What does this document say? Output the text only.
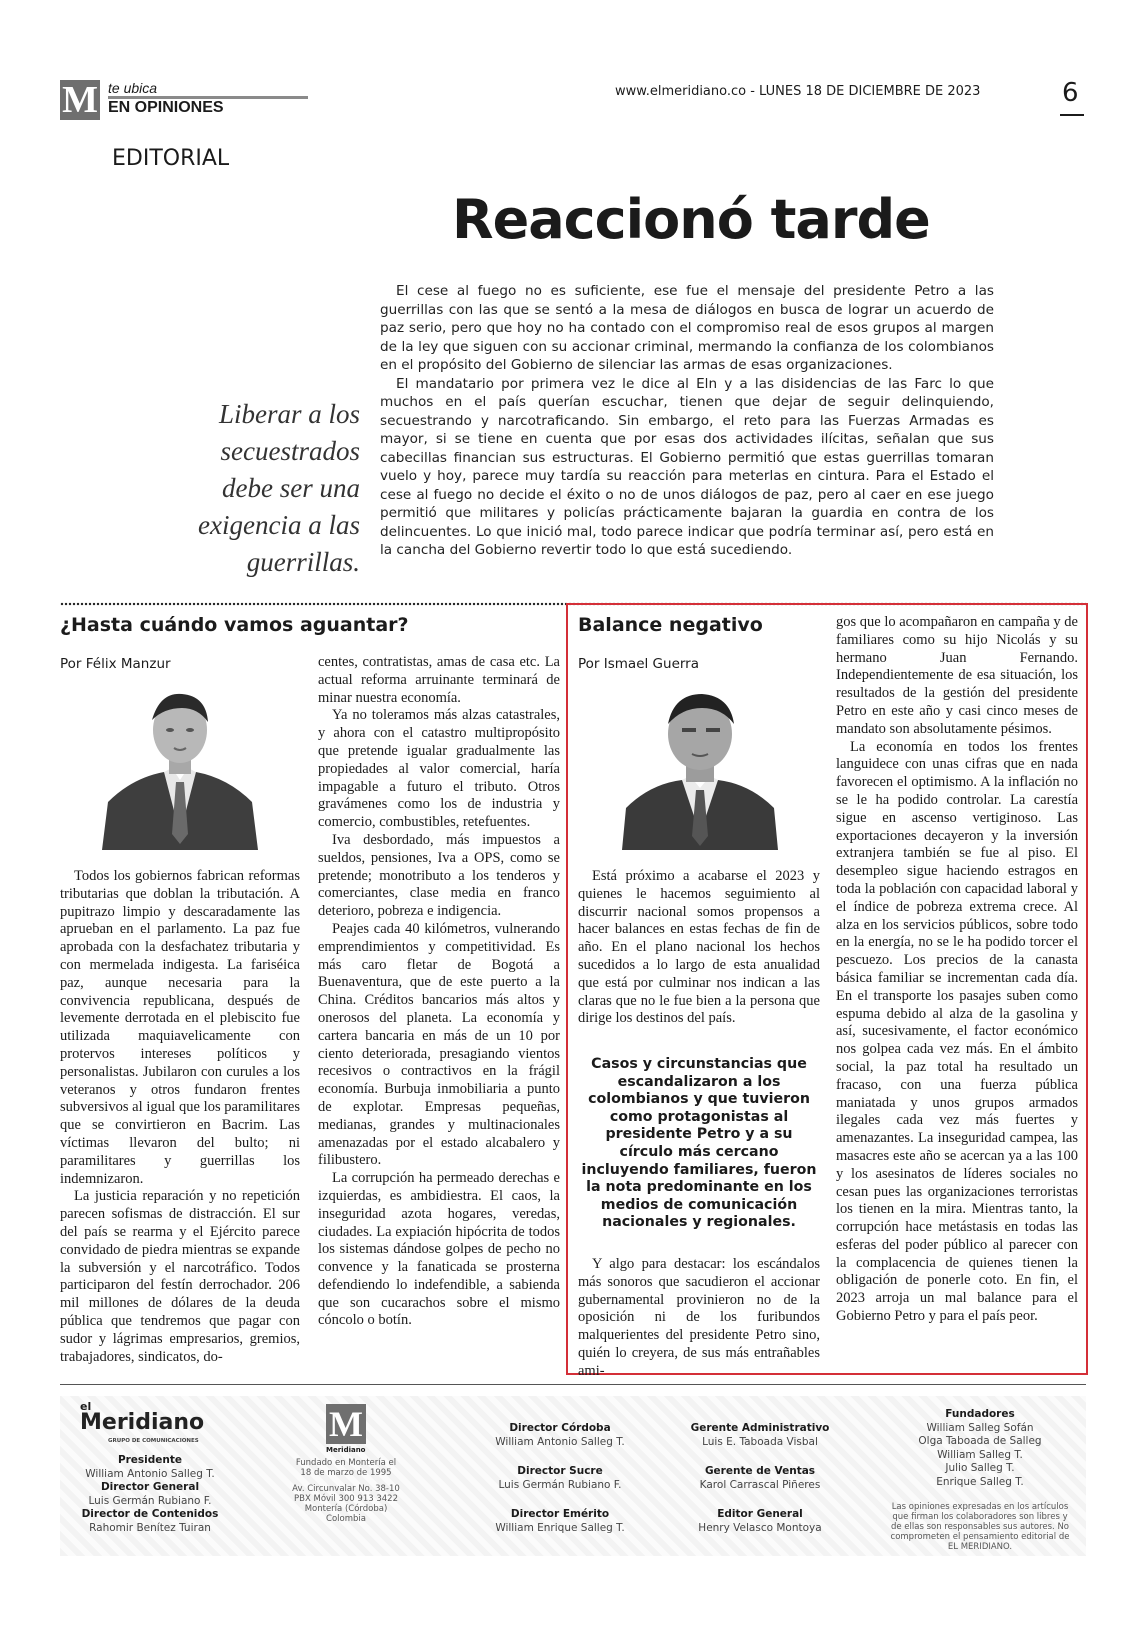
M te ubica
EN OPINIONES
www.elmeridiano.co - LUNES 18 DE DICIEMBRE DE 2023	6
EDITORIAL
Reaccionó tarde

El cese al fuego no es suficiente, ese fue el mensaje del presidente Petro a las guerrillas con las que se sentó a la mesa de diálogos en busca de lograr un acuerdo de paz serio, pero que hoy no ha contado con el compromiso real de esos grupos al margen de la ley que siguen con su accionar criminal, mermando la confianza de los colombianos en el propósito del Gobierno de silenciar las armas de esas organizaciones.

El mandatario por primera vez le dice al Eln y a las disidencias de las Farc lo que muchos en el país querían escuchar, tienen que dejar de seguir delinquiendo, secuestrando y narcotraficando. Sin embargo, el reto para las Fuerzas Armadas es mayor, si se tiene en cuenta que por esas dos actividades ilícitas, señalan que sus cabecillas financian sus estructuras. El Gobierno permitió que estas guerrillas tomaran vuelo y hoy, parece muy tardía su reacción para meterlas en cintura. Para el Estado el cese al fuego no decide el éxito o no de unos diálogos de paz, pero al caer en ese juego permitió que militares y policías prácticamente bajaran la guardia en contra de los delincuentes. Lo que inició mal, todo parece indicar que podría terminar así, pero está en la cancha del Gobierno revertir todo lo que está sucediendo.

Liberar a los secuestrados debe ser una exigencia a las guerrillas.
¿Hasta cuándo vamos aguantar?
Por Félix Manzur

Todos los gobiernos fabrican reformas tributarias que doblan la tributación. A pupitrazo limpio y descaradamente las aprueban en el parlamento. La paz fue aprobada con la desfachatez tributaria y con mermelada indigesta. La fariséica paz, aunque necesaria para la convivencia republicana, después de levemente derrotada en el plebiscito fue utilizada maquiavelicamente con protervos intereses políticos y personalistas. Jubilaron con curules a los veteranos y otros fundaron frentes subversivos al igual que los paramilitares que se convirtieron en Bacrim. Las víctimas llevaron del bulto; ni paramilitares y guerrillas los indemnizaron.

La justicia reparación y no repetición parecen sofismas de distracción. El sur del país se rearma y el Ejército parece convidado de piedra mientras se expande la subversión y el narcotráfico. Todos participaron del festín derrochador. 206 mil millones de dólares de la deuda pública que tendremos que pagar con sudor y lágrimas empresarios, gremios, trabajadores, sindicatos, do-

centes, contratistas, amas de casa etc. La actual reforma arruinante terminará de minar nuestra economía.

Ya no toleramos más alzas catastrales, y ahora con el catastro multipropósito que pretende igualar gradualmente las propiedades al valor comercial, haría impagable a futuro el tributo. Otros gravámenes como los de industria y comercio, combustibles, retefuentes.

Iva desbordado, más impuestos a sueldos, pensiones, Iva a OPS, como se pretende; monotributo a los tenderos y comerciantes, clase media en franco deterioro, pobreza e indigencia.

Peajes cada 40 kilómetros, vulnerando emprendimientos y competitividad. Es más caro fletar de Bogotá a Buenaventura, que de este puerto a la China. Créditos bancarios más altos y onerosos del planeta. La economía y cartera bancaria en más de un 10 por ciento deteriorada, presagiando vientos recesivos o contractivos en la frágil economía. Burbuja inmobiliaria a punto de explotar. Empresas pequeñas, medianas, grandes y multinacionales amenazadas por el estado alcabalero y filibustero.

La corrupción ha permeado derechas e izquierdas, es ambidiestra. El caos, la inseguridad azota hogares, veredas, ciudades. La expiación hipócrita de todos los sistemas dándose golpes de pecho no convence y la fanaticada se prosterna defendiendo lo indefendible, a sabienda que son cucarachos sobre el mismo cóncolo o botín.

Balance negativo
Por Ismael Guerra

Está próximo a acabarse el 2023 y quienes le hacemos seguimiento al discurrir nacional somos propensos a hacer balances en estas fechas de fin de año. En el plano nacional los hechos sucedidos a lo largo de esta anualidad que está por culminar nos indican a las claras que no le fue bien a la persona que dirige los destinos del país.

Casos y circunstancias que escandalizaron a los colombianos y que tuvieron como protagonistas al presidente Petro y a su círculo más cercano incluyendo familiares, fueron la nota predominante en los medios de comunicación nacionales y regionales.

Y algo para destacar: los escándalos más sonoros que sacudieron el accionar gubernamental provinieron no de la oposición ni de los furibundos malquerientes del presidente Petro sino, quién lo creyera, de sus más entrañables ami-

gos que lo acompañaron en campaña y de familiares como su hijo Nicolás y su hermano Juan Fernando. Independientemente de esa situación, los resultados de la gestión del presidente Petro en este año y casi cinco meses de mandato son absolutamente pésimos.

La economía en todos los frentes languidece con unas cifras que en nada favorecen el optimismo. A la inflación no se le ha podido controlar. La carestía sigue en ascenso vertiginoso. Las exportaciones decayeron y la inversión extranjera también se fue al piso. El desempleo sigue haciendo estragos en toda la población con capacidad laboral y el índice de pobreza extrema crece. Al alza en los servicios públicos, sobre todo en la energía, no se le ha podido torcer el pescuezo. Los precios de la canasta básica familiar se incrementan cada día. En el transporte los pasajes suben como espuma debido al alza de la gasolina y así, sucesivamente, el factor económico nos golpea cada vez más. En el ámbito social, la paz total ha resultado un fracaso, con una fuerza pública maniatada y unos grupos armados ilegales cada vez más fuertes y amenazantes. La inseguridad campea, las masacres este año se acercan ya a las 100 y los asesinatos de líderes sociales no cesan pues las organizaciones terroristas los tienen en la mira. Mientras tanto, la corrupción hace metástasis en todas las esferas del poder público al parecer con la complacencia de quienes tienen la obligación de ponerle coto. En fin, el 2023 arroja un mal balance para el Gobierno Petro y para el país peor.

el
Meridiano
GRUPO DE COMUNICACIONES
Presidente
William Antonio Salleg T.
Director General
Luis Germán Rubiano F.
Director de Contenidos
Rahomir Benítez Tuiran
M
Meridiano
Fundado en Montería el 18 de marzo de 1995
Av. Circunvalar No. 38-10
PBX Móvil 300 913 3422
Montería (Córdoba) Colombia
Director Córdoba
William Antonio Salleg T.
Director Sucre
Luis Germán Rubiano F.
Director Emérito
William Enrique Salleg T.
Gerente Administrativo
Luis E. Taboada Visbal
Gerente de Ventas
Karol Carrascal Piñeres
Editor General
Henry Velasco Montoya
Fundadores
William Salleg Sofán
Olga Taboada de Salleg
William Salleg T.
Julio Salleg T.
Enrique Salleg T.
Las opiniones expresadas en los artículos que firman los colaboradores son libres y de ellas son responsables sus autores. No comprometen el pensamiento editorial de EL MERIDIANO.
